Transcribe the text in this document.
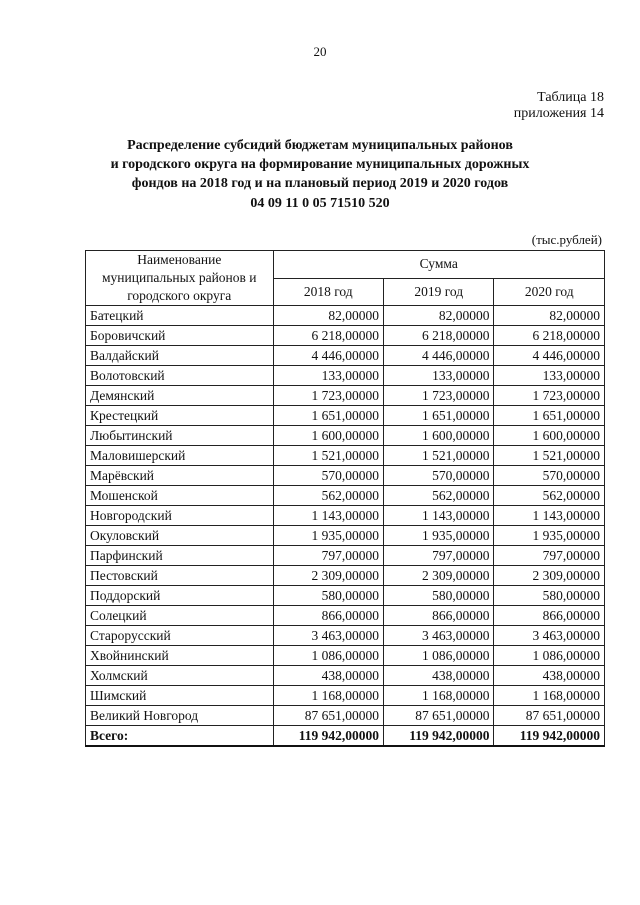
20
Таблица 18
приложения 14
Распределение субсидий бюджетам муниципальных районов
и городского округа на формирование муниципальных дорожных
фондов на 2018 год и на плановый период 2019 и 2020 годов
04 09 11 0 05 71510 520
(тыс.рублей)
Наименование муниципальных районов и городского округа	Сумма		
	2018 год	2019 год	2020 год
Батецкий	82,00000	82,00000	82,00000
Боровичский	6 218,00000	6 218,00000	6 218,00000
Валдайский	4 446,00000	4 446,00000	4 446,00000
Волотовский	133,00000	133,00000	133,00000
Демянский	1 723,00000	1 723,00000	1 723,00000
Крестецкий	1 651,00000	1 651,00000	1 651,00000
Любытинский	1 600,00000	1 600,00000	1 600,00000
Маловишерский	1 521,00000	1 521,00000	1 521,00000
Марёвский	570,00000	570,00000	570,00000
Мошенской	562,00000	562,00000	562,00000
Новгородский	1 143,00000	1 143,00000	1 143,00000
Окуловский	1 935,00000	1 935,00000	1 935,00000
Парфинский	797,00000	797,00000	797,00000
Пестовский	2 309,00000	2 309,00000	2 309,00000
Поддорский	580,00000	580,00000	580,00000
Солецкий	866,00000	866,00000	866,00000
Старорусский	3 463,00000	3 463,00000	3 463,00000
Хвойнинский	1 086,00000	1 086,00000	1 086,00000
Холмский	438,00000	438,00000	438,00000
Шимский	1 168,00000	1 168,00000	1 168,00000
Великий Новгород	87 651,00000	87 651,00000	87 651,00000
Всего:	119 942,00000	119 942,00000	119 942,00000
